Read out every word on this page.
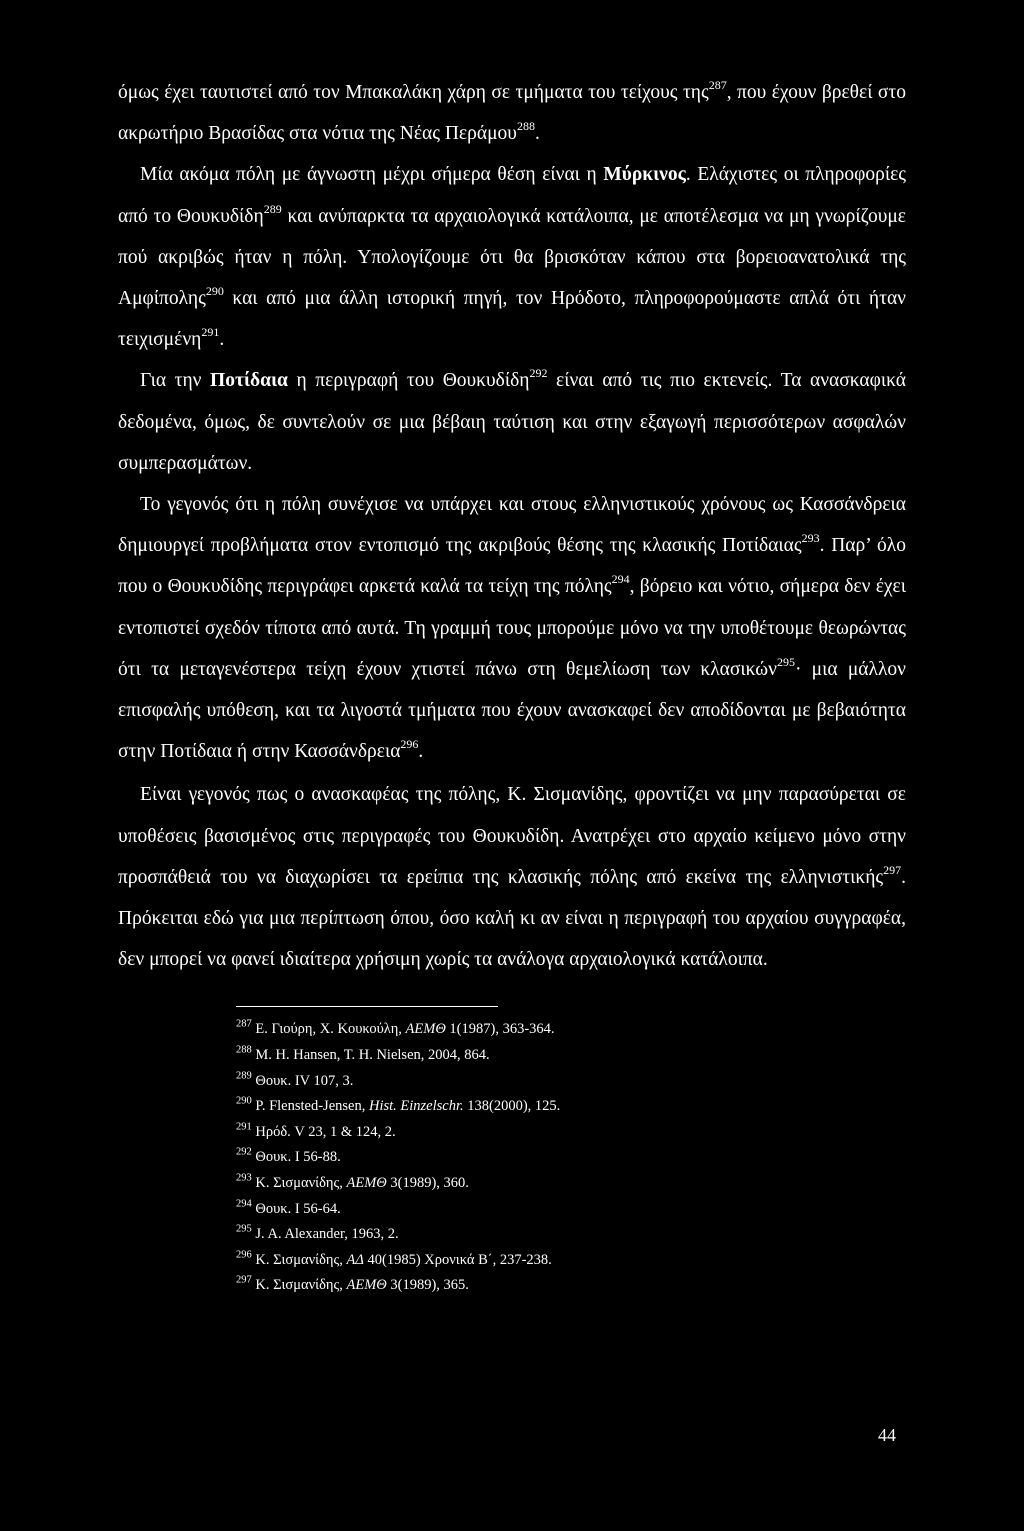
όμως έχει ταυτιστεί από τον Μπακαλάκη χάρη σε τμήματα του τείχους της$^{287}$, που έχουν βρεθεί στο ακρωτήριο Βρασίδας στα νότια της Νέας Περάμου$^{288}$.

Μία ακόμα πόλη με άγνωστη μέχρι σήμερα θέση είναι η Μύρκινος. Ελάχιστες οι πληροφορίες από το Θουκυδίδη$^{289}$ και ανύπαρκτα τα αρχαιολογικά κατάλοιπα, με αποτέλεσμα να μη γνωρίζουμε πού ακριβώς ήταν η πόλη. Υπολογίζουμε ότι θα βρισκόταν κάπου στα βορειοανατολικά της Αμφίπολης$^{290}$ και από μια άλλη ιστορική πηγή, τον Ηρόδοτο, πληροφορούμαστε απλά ότι ήταν τειχισμένη$^{291}$.

Για την Ποτίδαια η περιγραφή του Θουκυδίδη$^{292}$ είναι από τις πιο εκτενείς. Τα ανασκαφικά δεδομένα, όμως, δε συντελούν σε μια βέβαιη ταύτιση και στην εξαγωγή περισσότερων ασφαλών συμπερασμάτων.

Το γεγονός ότι η πόλη συνέχισε να υπάρχει και στους ελληνιστικούς χρόνους ως Κασσάνδρεια δημιουργεί προβλήματα στον εντοπισμό της ακριβούς θέσης της κλασικής Ποτίδαιας$^{293}$. Παρ’ όλο που ο Θουκυδίδης περιγράφει αρκετά καλά τα τείχη της πόλης$^{294}$, βόρειο και νότιο, σήμερα δεν έχει εντοπιστεί σχεδόν τίποτα από αυτά. Τη γραμμή τους μπορούμε μόνο να την υποθέτουμε θεωρώντας ότι τα μεταγενέστερα τείχη έχουν χτιστεί πάνω στη θεμελίωση των κλασικών$^{295}$· μια μάλλον επισφαλής υπόθεση, και τα λιγοστά τμήματα που έχουν ανασκαφεί δεν αποδίδονται με βεβαιότητα στην Ποτίδαια ή στην Κασσάνδρεια$^{296}$.

Είναι γεγονός πως ο ανασκαφέας της πόλης, Κ. Σισμανίδης, φροντίζει να μην παρασύρεται σε υποθέσεις βασισμένος στις περιγραφές του Θουκυδίδη. Ανατρέχει στο αρχαίο κείμενο μόνο στην προσπάθειά του να διαχωρίσει τα ερείπια της κλασικής πόλης από εκείνα της ελληνιστικής$^{297}$. Πρόκειται εδώ για μια περίπτωση όπου, όσο καλή κι αν είναι η περιγραφή του αρχαίου συγγραφέα, δεν μπορεί να φανεί ιδιαίτερα χρήσιμη χωρίς τα ανάλογα αρχαιολογικά κατάλοιπα.

$^{287}$ Ε. Γιούρη, Χ. Κουκούλη, ΑΕΜΘ 1(1987), 363-364.
$^{288}$ M. H. Hansen, T. H. Nielsen, 2004, 864.
$^{289}$ Θουκ. IV 107, 3.
$^{290}$ P. Flensted-Jensen, Hist. Einzelschr. 138(2000), 125.
$^{291}$ Ηρόδ. V 23, 1 & 124, 2.
$^{292}$ Θουκ. I 56-88.
$^{293}$ Κ. Σισμανίδης, ΑΕΜΘ 3(1989), 360.
$^{294}$ Θουκ. I 56-64.
$^{295}$ J. A. Alexander, 1963, 2.
$^{296}$ Κ. Σισμανίδης, ΑΔ 40(1985) Χρονικά Β΄, 237-238.
$^{297}$ Κ. Σισμανίδης, ΑΕΜΘ 3(1989), 365.
44
